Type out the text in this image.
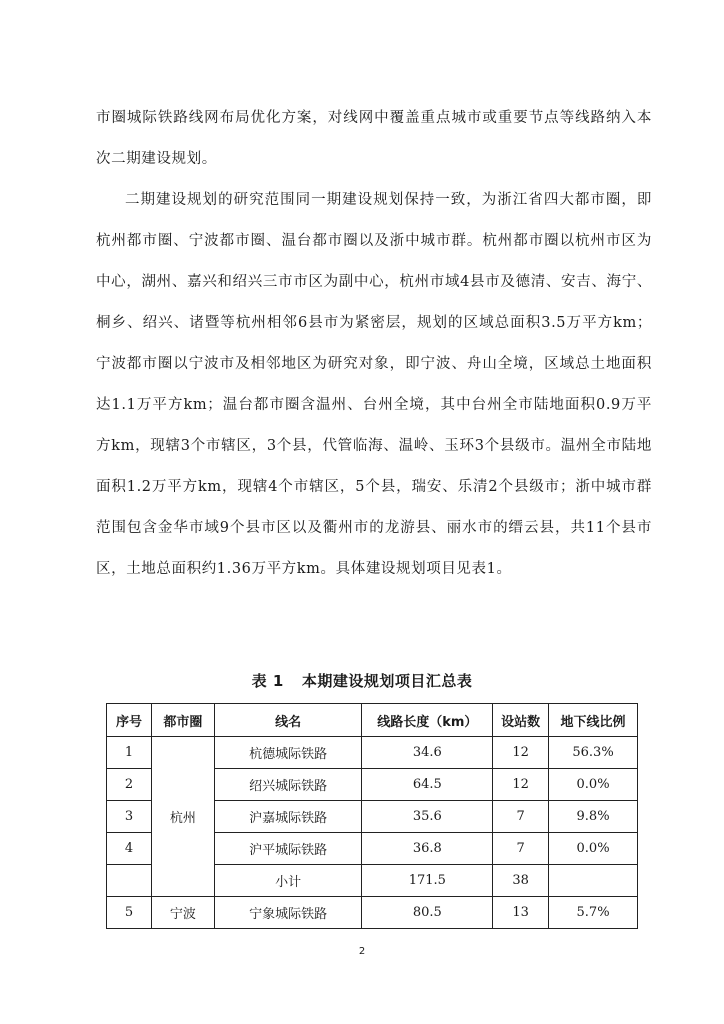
市圈城际铁路线网布局优化方案，对线网中覆盖重点城市或重要节点等线路纳入本次二期建设规划。

二期建设规划的研究范围同一期建设规划保持一致，为浙江省四大都市圈，即杭州都市圈、宁波都市圈、温台都市圈以及浙中城市群。杭州都市圈以杭州市区为中心，湖州、嘉兴和绍兴三市市区为副中心，杭州市域4县市及德清、安吉、海宁、桐乡、绍兴、诸暨等杭州相邻6县市为紧密层，规划的区域总面积3.5万平方km；宁波都市圈以宁波市及相邻地区为研究对象，即宁波、舟山全境，区域总土地面积达1.1万平方km；温台都市圈含温州、台州全境，其中台州全市陆地面积0.9万平方km，现辖3个市辖区，3个县，代管临海、温岭、玉环3个县级市。温州全市陆地面积1.2万平方km，现辖4个市辖区，5个县，瑞安、乐清2个县级市；浙中城市群范围包含金华市域9个县市区以及衢州市的龙游县、丽水市的缙云县，共11个县市区，土地总面积约1.36万平方km。具体建设规划项目见表1。

表 1 本期建设规划项目汇总表
序号	都市圈	线名	线路长度（km）	设站数	地下线比例
1	杭州	杭德城际铁路	34.6	12	56.3%
2		绍兴城际铁路	64.5	12	0.0%
3		沪嘉城际铁路	35.6	7	9.8%
4		沪平城际铁路	36.8	7	0.0%
		小计	171.5	38	
5	宁波	宁象城际铁路	80.5	13	5.7%
2
